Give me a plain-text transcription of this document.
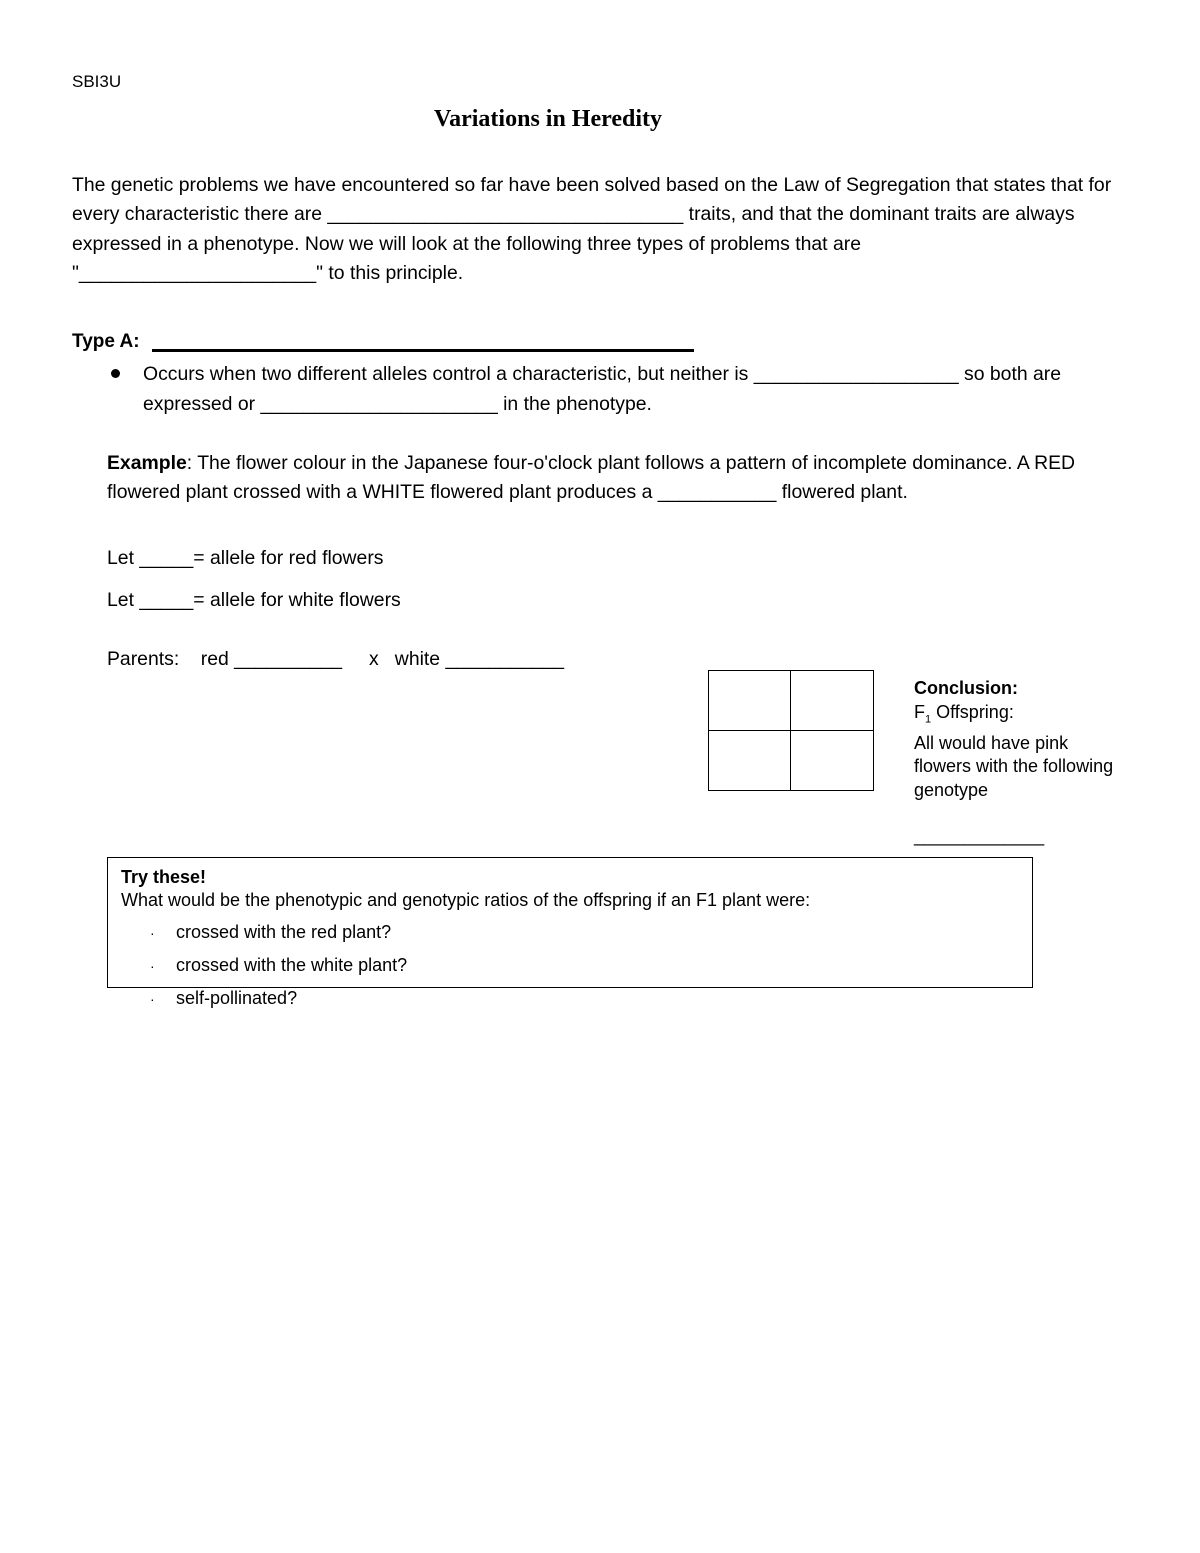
SBI3U
Variations in Heredity
The genetic problems we have encountered so far have been solved based on the Law of Segregation that states that for every characteristic there are _________________________________ traits, and that the dominant traits are always expressed in a phenotype. Now we will look at the following three types of problems that are "______________________" to this principle.
Type A:
Occurs when two different alleles control a characteristic, but neither is ___________________ so both are expressed or ______________________ in the phenotype.
Example: The flower colour in the Japanese four-o'clock plant follows a pattern of incomplete dominance. A RED flowered plant crossed with a WHITE flowered plant produces a ___________ flowered plant.
Let _____= allele for red flowers
Let _____= allele for white flowers
Parents:    red __________     x   white ___________
Conclusion:
$F_1$ Offspring:
All would have pink flowers with the following genotype
_____________
Try these!
What would be the phenotypic and genotypic ratios of the offspring if an F1 plant were:
· crossed with the red plant?
· crossed with the white plant?
· self-pollinated?
